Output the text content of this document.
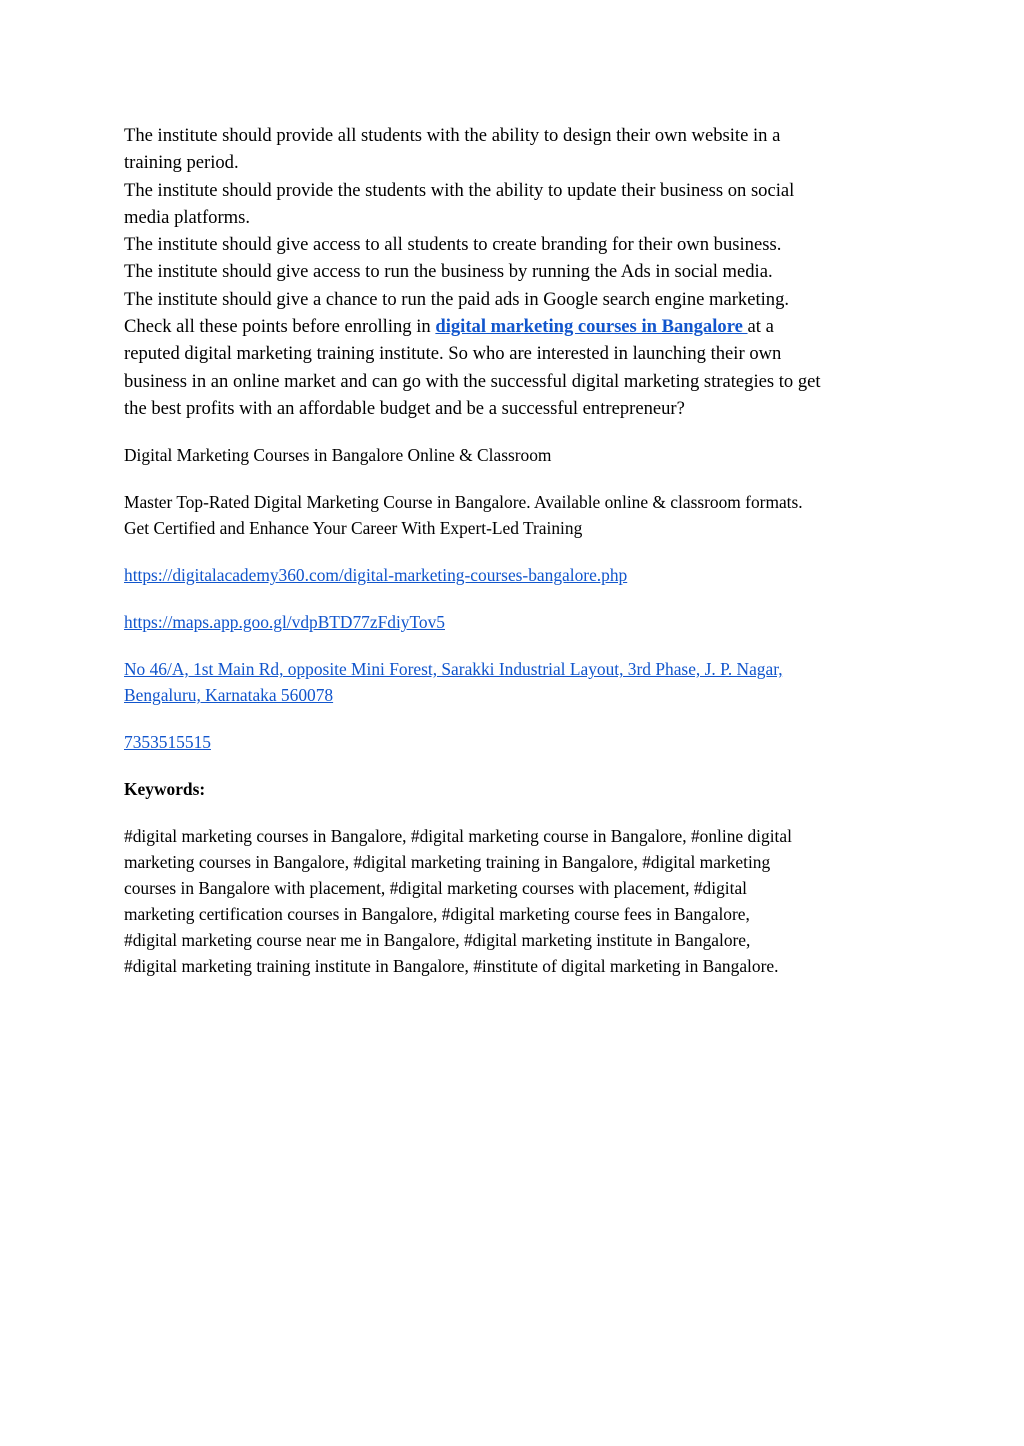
The institute should provide all students with the ability to design their own website in a
training period.
The institute should provide the students with the ability to update their business on social
media platforms.
The institute should give access to all students to create branding for their own business.
The institute should give access to run the business by running the Ads in social media.
The institute should give a chance to run the paid ads in Google search engine marketing.
Check all these points before enrolling in digital marketing courses in Bangalore at a
reputed digital marketing training institute. So who are interested in launching their own
business in an online market and can go with the successful digital marketing strategies to get
the best profits with an affordable budget and be a successful entrepreneur?

Digital Marketing Courses in Bangalore Online & Classroom

Master Top-Rated Digital Marketing Course in Bangalore. Available online & classroom formats.
Get Certified and Enhance Your Career With Expert-Led Training

https://digitalacademy360.com/digital-marketing-courses-bangalore.php

https://maps.app.goo.gl/vdpBTD77zFdiyTov5

No 46/A, 1st Main Rd, opposite Mini Forest, Sarakki Industrial Layout, 3rd Phase, J. P. Nagar,
Bengaluru, Karnataka 560078

7353515515

Keywords:

#digital marketing courses in Bangalore, #digital marketing course in Bangalore, #online digital
marketing courses in Bangalore, #digital marketing training in Bangalore, #digital marketing
courses in Bangalore with placement, #digital marketing courses with placement, #digital
marketing certification courses in Bangalore, #digital marketing course fees in Bangalore,
#digital marketing course near me in Bangalore, #digital marketing institute in Bangalore,
#digital marketing training institute in Bangalore, #institute of digital marketing in Bangalore.
